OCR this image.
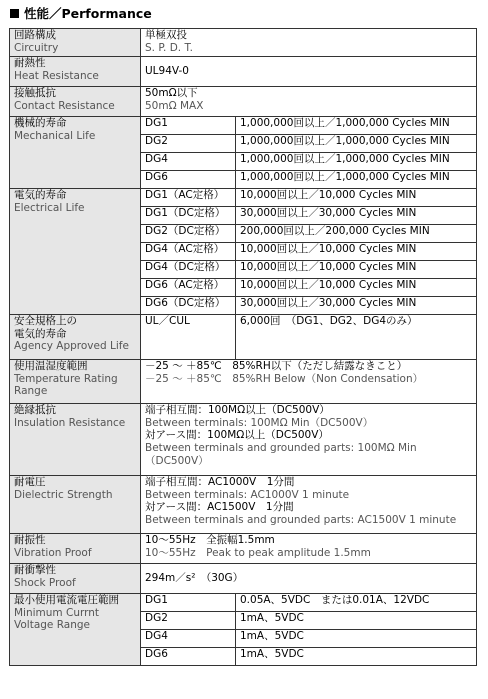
性能／Performance
回路構成
Circuitry	単極双投
S. P. D. T.	

耐熱性
Heat Resistance	UL94V-0	

接触抵抗
Contact Resistance	50mΩ以下
50mΩ MAX	

機械的寿命
Mechanical Life	DG1	1,000,000回以上／1,000,000 Cycles MIN
	DG2	1,000,000回以上／1,000,000 Cycles MIN
	DG4	1,000,000回以上／1,000,000 Cycles MIN
	DG6	1,000,000回以上／1,000,000 Cycles MIN

電気的寿命
Electrical Life	DG1（AC定格）	10,000回以上／10,000 Cycles MIN
	DG1（DC定格）	30,000回以上／30,000 Cycles MIN
	DG2（DC定格）	200,000回以上／200,000 Cycles MIN
	DG4（AC定格）	10,000回以上／10,000 Cycles MIN
	DG4（DC定格）	10,000回以上／10,000 Cycles MIN
	DG6（AC定格）	10,000回以上／10,000 Cycles MIN
	DG6（DC定格）	30,000回以上／30,000 Cycles MIN

安全規格上の
電気的寿命
Agency Approved Life	UL／CUL	6,000回　（DG1、DG2、DG4のみ）

使用温湿度範囲
Temperature Rating
Range	－25 ～ ＋85℃　85%RH以下（ただし結露なきこと）
－25 ～ ＋85℃　85%RH Below（Non Condensation）	

絶縁抵抗
Insulation Resistance	端子相互間：100MΩ以上（DC500V）
Between terminals: 100MΩ Min（DC500V）
対アース間：100MΩ以上（DC500V）
Between terminals and grounded parts: 100MΩ Min
（DC500V）	

耐電圧
Dielectric Strength	端子相互間：AC1000V　1分間
Between terminals: AC1000V 1 minute
対アース間：AC1500V　1分間
Between terminals and grounded parts: AC1500V 1 minute	

耐振性
Vibration Proof	10～55Hz　全振幅1.5mm
10～55Hz　Peak to peak amplitude 1.5mm	

耐衝撃性
Shock Proof	294m／s²　（30G）	

最小使用電流電圧範囲
Minimum Currnt
Voltage Range	DG1	0.05A、5VDC　または0.01A、12VDC
	DG2	1mA、5VDC
	DG4	1mA、5VDC
	DG6	1mA、5VDC
